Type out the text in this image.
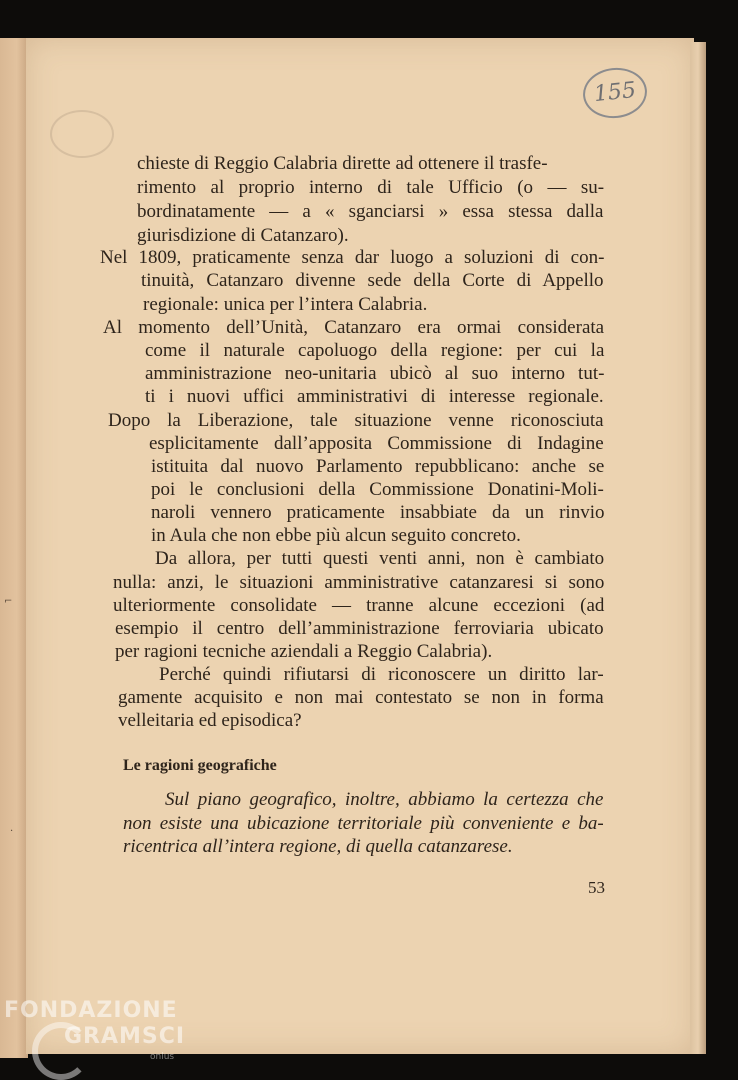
155
chieste di Reggio Calabria dirette ad ottenere il trasfe-
rimento al proprio interno di tale Ufficio (o — su-
bordinatamente — a « sganciarsi » essa stessa dalla
giurisdizione di Catanzaro).
Nel 1809, praticamente senza dar luogo a soluzioni di con-
tinuità, Catanzaro divenne sede della Corte di Appello
regionale: unica per l’intera Calabria.
Al momento dell’Unità, Catanzaro era ormai considerata
come il naturale capoluogo della regione: per cui la
amministrazione neo-unitaria ubicò al suo interno tut-
ti i nuovi uffici amministrativi di interesse regionale.
Dopo la Liberazione, tale situazione venne riconosciuta
esplicitamente dall’apposita Commissione di Indagine
istituita dal nuovo Parlamento repubblicano: anche se
poi le conclusioni della Commissione Donatini-Moli-
naroli vennero praticamente insabbiate da un rinvio
in Aula che non ebbe più alcun seguito concreto.
Da allora, per tutti questi venti anni, non è cambiato
nulla: anzi, le situazioni amministrative catanzaresi si sono
ulteriormente consolidate — tranne alcune eccezioni (ad
esempio il centro dell’amministrazione ferroviaria ubicato
per ragioni tecniche aziendali a Reggio Calabria).
Perché quindi rifiutarsi di riconoscere un diritto lar-
gamente acquisito e non mai contestato se non in forma
velleitaria ed episodica?
Sul piano geografico, inoltre, abbiamo la certezza che
non esiste una ubicazione territoriale più conveniente e ba-
ricentrica all’intera regione, di quella catanzarese.
Le ragioni geografiche
53
⌐
·
FONDAZIONE
GRAMSCI
onlus
